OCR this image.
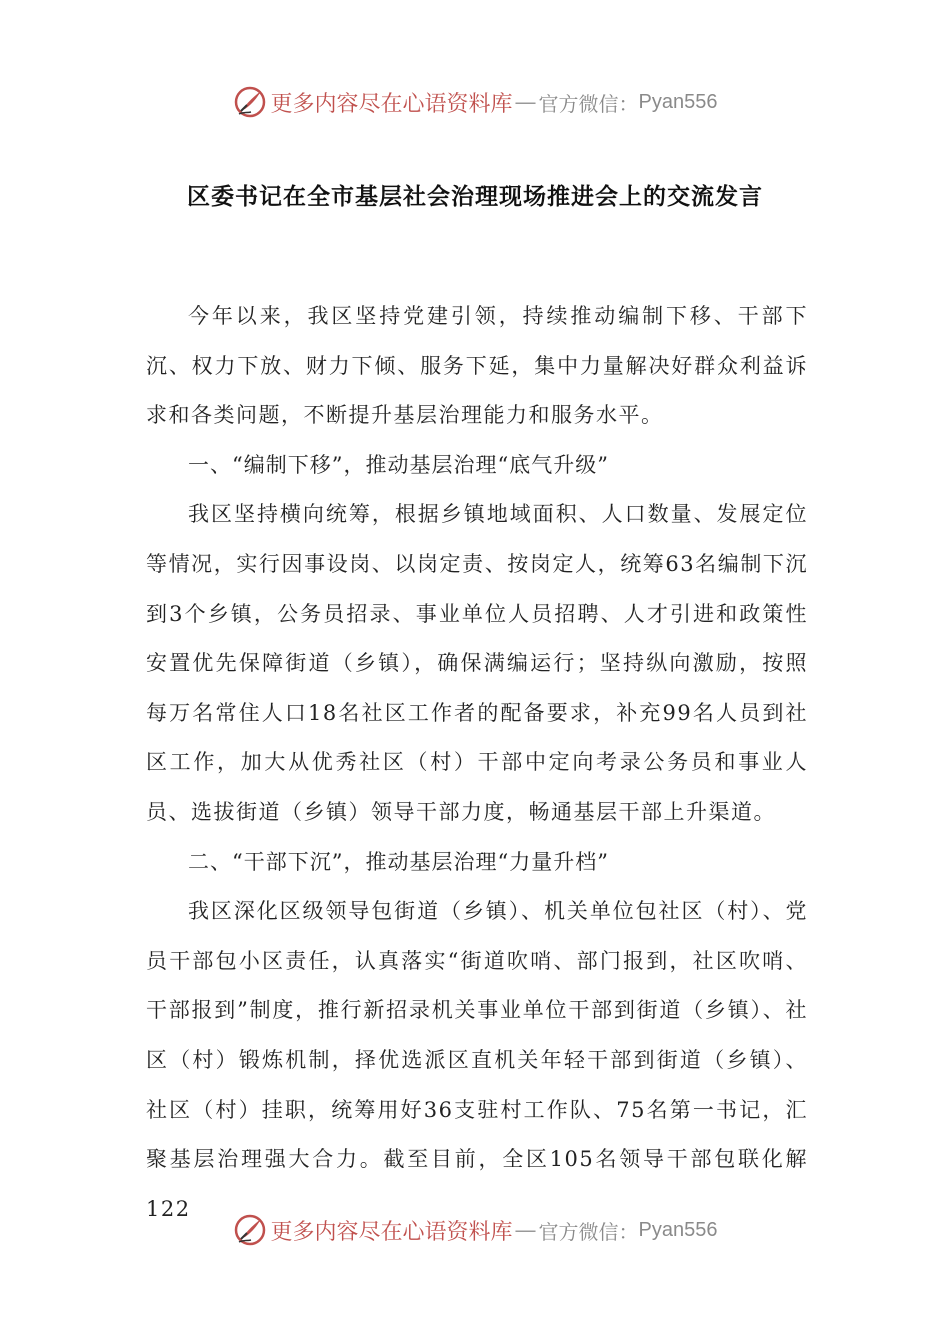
更多内容尽在心语资料库 — 官方微信： Pyan556
区委书记在全市基层社会治理现场推进会上的交流发言

今年以来，我区坚持党建引领，持续推动编制下移、干部下沉、权力下放、财力下倾、服务下延，集中力量解决好群众利益诉求和各类问题，不断提升基层治理能力和服务水平。

一、“编制下移”，推动基层治理“底气升级”

我区坚持横向统筹，根据乡镇地域面积、人口数量、发展定位等情况，实行因事设岗、以岗定责、按岗定人，统筹63名编制下沉到3个乡镇，公务员招录、事业单位人员招聘、人才引进和政策性安置优先保障街道（乡镇），确保满编运行；坚持纵向激励，按照每万名常住人口18名社区工作者的配备要求，补充99名人员到社区工作，加大从优秀社区（村）干部中定向考录公务员和事业人员、选拔街道（乡镇）领导干部力度，畅通基层干部上升渠道。

二、“干部下沉”，推动基层治理“力量升档”

我区深化区级领导包街道（乡镇）、机关单位包社区（村）、党员干部包小区责任，认真落实“街道吹哨、部门报到，社区吹哨、干部报到”制度，推行新招录机关事业单位干部到街道（乡镇）、社区（村）锻炼机制，择优选派区直机关年轻干部到街道（乡镇）、社区（村）挂职，统筹用好36支驻村工作队、75名第一书记，汇聚基层治理强大合力。截至目前，全区105名领导干部包联化解122

更多内容尽在心语资料库 — 官方微信： Pyan556
